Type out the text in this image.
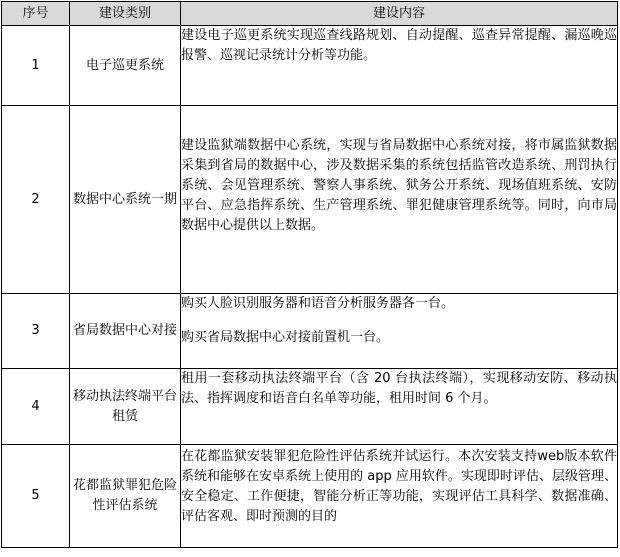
序号	建设类别	建设内容
1	电子巡更系统	建设电子巡更系统实现巡查线路规划、自动提醒、巡查异常提醒、漏巡晚巡报警、巡视记录统计分析等功能。

2	数据中心系统一期	建设监狱端数据中心系统，实现与省局数据中心系统对接，将市属监狱数据采集到省局的数据中心，涉及数据采集的系统包括监管改造系统、刑罚执行系统、会见管理系统、警察人事系统、狱务公开系统、现场值班系统、安防平台、应急指挥系统、生产管理系统、罪犯健康管理系统等。同时，向市局数据中心提供以上数据。

3	省局数据中心对接	购买人脸识别服务器和语音分析服务器各一台。

购买省局数据中心对接前置机一台。

4	移动执法终端平台租赁	租用一套移动执法终端平台（含 20 台执法终端），实现移动安防、移动执法、指挥调度和语音白名单等功能，租用时间 6 个月。

5	花都监狱罪犯危险性评估系统	在花都监狱安装罪犯危险性评估系统并试运行。本次安装支持web版本软件系统和能够在安卓系统上使用的 app 应用软件。实现即时评估、层级管理、安全稳定、工作便捷，智能分析正等功能，实现评估工具科学、数据准确、评估客观、即时预测的目的
